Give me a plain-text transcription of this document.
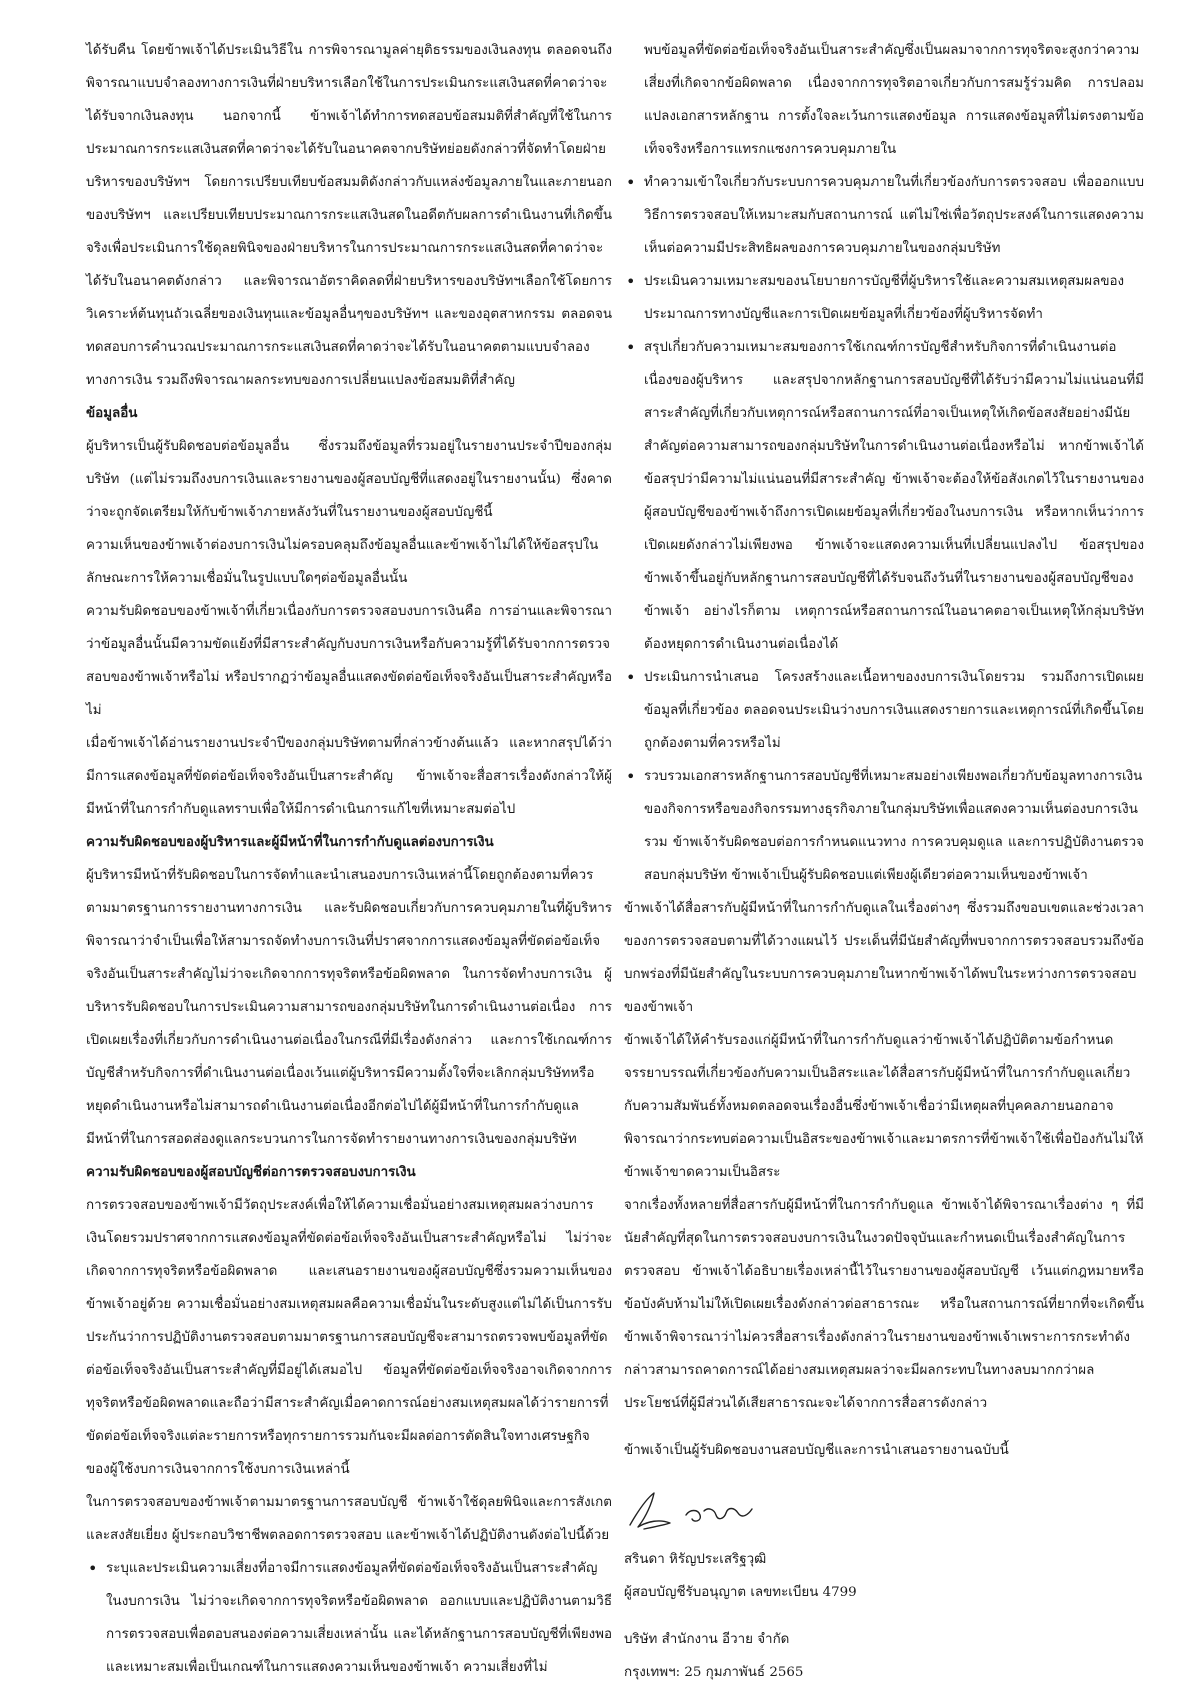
ได้รับคืน โดยข้าพเจ้าได้ประเมินวิธีใน การพิจารณามูลค่ายุติธรรมของเงินลงทุน ตลอดจนถึงพิจารณาแบบจำลองทางการเงินที่ฝ่ายบริหารเลือกใช้ในการประเมินกระแสเงินสดที่คาดว่าจะได้รับจากเงินลงทุน นอกจากนี้ ข้าพเจ้าได้ทำการทดสอบข้อสมมติที่สำคัญที่ใช้ในการประมาณการกระแสเงินสดที่คาดว่าจะได้รับในอนาคตจากบริษัทย่อยดังกล่าวที่จัดทำโดยฝ่ายบริหารของบริษัทฯ โดยการเปรียบเทียบข้อสมมติดังกล่าวกับแหล่งข้อมูลภายในและภายนอกของบริษัทฯ และเปรียบเทียบประมาณการกระแสเงินสดในอดีตกับผลการดำเนินงานที่เกิดขึ้นจริงเพื่อประเมินการใช้ดุลยพินิจของฝ่ายบริหารในการประมาณการกระแสเงินสดที่คาดว่าจะได้รับในอนาคตดังกล่าว และพิจารณาอัตราคิดลดที่ฝ่ายบริหารของบริษัทฯเลือกใช้โดยการวิเคราะห์ต้นทุนถัวเฉลี่ยของเงินทุนและข้อมูลอื่นๆของบริษัทฯ และของอุตสาหกรรม ตลอดจนทดสอบการคำนวณประมาณการกระแสเงินสดที่คาดว่าจะได้รับในอนาคตตามแบบจำลองทางการเงิน รวมถึงพิจารณาผลกระทบของการเปลี่ยนแปลงข้อสมมติที่สำคัญ

ข้อมูลอื่น

ผู้บริหารเป็นผู้รับผิดชอบต่อข้อมูลอื่น ซึ่งรวมถึงข้อมูลที่รวมอยู่ในรายงานประจำปีของกลุ่มบริษัท (แต่ไม่รวมถึงงบการเงินและรายงานของผู้สอบบัญชีที่แสดงอยู่ในรายงานนั้น) ซึ่งคาดว่าจะถูกจัดเตรียมให้กับข้าพเจ้าภายหลังวันที่ในรายงานของผู้สอบบัญชีนี้

ความเห็นของข้าพเจ้าต่องบการเงินไม่ครอบคลุมถึงข้อมูลอื่นและข้าพเจ้าไม่ได้ให้ข้อสรุปในลักษณะการให้ความเชื่อมั่นในรูปแบบใดๆต่อข้อมูลอื่นนั้น

ความรับผิดชอบของข้าพเจ้าที่เกี่ยวเนื่องกับการตรวจสอบงบการเงินคือ การอ่านและพิจารณาว่าข้อมูลอื่นนั้นมีความขัดแย้งที่มีสาระสำคัญกับงบการเงินหรือกับความรู้ที่ได้รับจากการตรวจสอบของข้าพเจ้าหรือไม่ หรือปรากฏว่าข้อมูลอื่นแสดงขัดต่อข้อเท็จจริงอันเป็นสาระสำคัญหรือไม่

เมื่อข้าพเจ้าได้อ่านรายงานประจำปีของกลุ่มบริษัทตามที่กล่าวข้างต้นแล้ว และหากสรุปได้ว่ามีการแสดงข้อมูลที่ขัดต่อข้อเท็จจริงอันเป็นสาระสำคัญ ข้าพเจ้าจะสื่อสารเรื่องดังกล่าวให้ผู้มีหน้าที่ในการกำกับดูแลทราบเพื่อให้มีการดำเนินการแก้ไขที่เหมาะสมต่อไป

ความรับผิดชอบของผู้บริหารและผู้มีหน้าที่ในการกำกับดูแลต่องบการเงิน

ผู้บริหารมีหน้าที่รับผิดชอบในการจัดทำและนำเสนองบการเงินเหล่านี้โดยถูกต้องตามที่ควรตามมาตรฐานการรายงานทางการเงิน และรับผิดชอบเกี่ยวกับการควบคุมภายในที่ผู้บริหารพิจารณาว่าจำเป็นเพื่อให้สามารถจัดทำงบการเงินที่ปราศจากการแสดงข้อมูลที่ขัดต่อข้อเท็จจริงอันเป็นสาระสำคัญไม่ว่าจะเกิดจากการทุจริตหรือข้อผิดพลาด ในการจัดทำงบการเงิน ผู้บริหารรับผิดชอบในการประเมินความสามารถของกลุ่มบริษัทในการดำเนินงานต่อเนื่อง การเปิดเผยเรื่องที่เกี่ยวกับการดำเนินงานต่อเนื่องในกรณีที่มีเรื่องดังกล่าว และการใช้เกณฑ์การบัญชีสำหรับกิจการที่ดำเนินงานต่อเนื่องเว้นแต่ผู้บริหารมีความตั้งใจที่จะเลิกกลุ่มบริษัทหรือหยุดดำเนินงานหรือไม่สามารถดำเนินงานต่อเนื่องอีกต่อไปได้ผู้มีหน้าที่ในการกำกับดูแลมีหน้าที่ในการสอดส่องดูแลกระบวนการในการจัดทำรายงานทางการเงินของกลุ่มบริษัท

ความรับผิดชอบของผู้สอบบัญชีต่อการตรวจสอบงบการเงิน

การตรวจสอบของข้าพเจ้ามีวัตถุประสงค์เพื่อให้ได้ความเชื่อมั่นอย่างสมเหตุสมผลว่างบการเงินโดยรวมปราศจากการแสดงข้อมูลที่ขัดต่อข้อเท็จจริงอันเป็นสาระสำคัญหรือไม่ ไม่ว่าจะเกิดจากการทุจริตหรือข้อผิดพลาด และเสนอรายงานของผู้สอบบัญชีซึ่งรวมความเห็นของข้าพเจ้าอยู่ด้วย ความเชื่อมั่นอย่างสมเหตุสมผลคือความเชื่อมั่นในระดับสูงแต่ไม่ได้เป็นการรับประกันว่าการปฏิบัติงานตรวจสอบตามมาตรฐานการสอบบัญชีจะสามารถตรวจพบข้อมูลที่ขัดต่อข้อเท็จจริงอันเป็นสาระสำคัญที่มีอยู่ได้เสมอไป ข้อมูลที่ขัดต่อข้อเท็จจริงอาจเกิดจากการทุจริตหรือข้อผิดพลาดและถือว่ามีสาระสำคัญเมื่อคาดการณ์อย่างสมเหตุสมผลได้ว่ารายการที่ขัดต่อข้อเท็จจริงแต่ละรายการหรือทุกรายการรวมกันจะมีผลต่อการตัดสินใจทางเศรษฐกิจของผู้ใช้งบการเงินจากการใช้งบการเงินเหล่านี้

ในการตรวจสอบของข้าพเจ้าตามมาตรฐานการสอบบัญชี ข้าพเจ้าใช้ดุลยพินิจและการสังเกตและสงสัยเยี่ยง ผู้ประกอบวิชาชีพตลอดการตรวจสอบ และข้าพเจ้าได้ปฏิบัติงานดังต่อไปนี้ด้วย

• ระบุและประเมินความเสี่ยงที่อาจมีการแสดงข้อมูลที่ขัดต่อข้อเท็จจริงอันเป็นสาระสำคัญในงบการเงิน ไม่ว่าจะเกิดจากการทุจริตหรือข้อผิดพลาด ออกแบบและปฏิบัติงานตามวิธีการตรวจสอบเพื่อตอบสนองต่อความเสี่ยงเหล่านั้น และได้หลักฐานการสอบบัญชีที่เพียงพอและเหมาะสมเพื่อเป็นเกณฑ์ในการแสดงความเห็นของข้าพเจ้า ความเสี่ยงที่ไม่

พบข้อมูลที่ขัดต่อข้อเท็จจริงอันเป็นสาระสำคัญซึ่งเป็นผลมาจากการทุจริตจะสูงกว่าความเสี่ยงที่เกิดจากข้อผิดพลาด เนื่องจากการทุจริตอาจเกี่ยวกับการสมรู้ร่วมคิด การปลอมแปลงเอกสารหลักฐาน การตั้งใจละเว้นการแสดงข้อมูล การแสดงข้อมูลที่ไม่ตรงตามข้อเท็จจริงหรือการแทรกแซงการควบคุมภายใน

• ทำความเข้าใจเกี่ยวกับระบบการควบคุมภายในที่เกี่ยวข้องกับการตรวจสอบ เพื่อออกแบบวิธีการตรวจสอบให้เหมาะสมกับสถานการณ์ แต่ไม่ใช่เพื่อวัตถุประสงค์ในการแสดงความเห็นต่อความมีประสิทธิผลของการควบคุมภายในของกลุ่มบริษัท
• ประเมินความเหมาะสมของนโยบายการบัญชีที่ผู้บริหารใช้และความสมเหตุสมผลของประมาณการทางบัญชีและการเปิดเผยข้อมูลที่เกี่ยวข้องที่ผู้บริหารจัดทำ
• สรุปเกี่ยวกับความเหมาะสมของการใช้เกณฑ์การบัญชีสำหรับกิจการที่ดำเนินงานต่อเนื่องของผู้บริหาร และสรุปจากหลักฐานการสอบบัญชีที่ได้รับว่ามีความไม่แน่นอนที่มีสาระสำคัญที่เกี่ยวกับเหตุการณ์หรือสถานการณ์ที่อาจเป็นเหตุให้เกิดข้อสงสัยอย่างมีนัยสำคัญต่อความสามารถของกลุ่มบริษัทในการดำเนินงานต่อเนื่องหรือไม่ หากข้าพเจ้าได้ข้อสรุปว่ามีความไม่แน่นอนที่มีสาระสำคัญ ข้าพเจ้าจะต้องให้ข้อสังเกตไว้ในรายงานของผู้สอบบัญชีของข้าพเจ้าถึงการเปิดเผยข้อมูลที่เกี่ยวข้องในงบการเงิน หรือหากเห็นว่าการเปิดเผยดังกล่าวไม่เพียงพอ ข้าพเจ้าจะแสดงความเห็นที่เปลี่ยนแปลงไป ข้อสรุปของข้าพเจ้าขึ้นอยู่กับหลักฐานการสอบบัญชีที่ได้รับจนถึงวันที่ในรายงานของผู้สอบบัญชีของข้าพเจ้า อย่างไรก็ตาม เหตุการณ์หรือสถานการณ์ในอนาคตอาจเป็นเหตุให้กลุ่มบริษัทต้องหยุดการดำเนินงานต่อเนื่องได้
• ประเมินการนำเสนอ โครงสร้างและเนื้อหาของงบการเงินโดยรวม รวมถึงการเปิดเผยข้อมูลที่เกี่ยวข้อง ตลอดจนประเมินว่างบการเงินแสดงรายการและเหตุการณ์ที่เกิดขึ้นโดยถูกต้องตามที่ควรหรือไม่
• รวบรวมเอกสารหลักฐานการสอบบัญชีที่เหมาะสมอย่างเพียงพอเกี่ยวกับข้อมูลทางการเงินของกิจการหรือของกิจกรรมทางธุรกิจภายในกลุ่มบริษัทเพื่อแสดงความเห็นต่องบการเงินรวม ข้าพเจ้ารับผิดชอบต่อการกำหนดแนวทาง การควบคุมดูแล และการปฏิบัติงานตรวจสอบกลุ่มบริษัท ข้าพเจ้าเป็นผู้รับผิดชอบแต่เพียงผู้เดียวต่อความเห็นของข้าพเจ้า

ข้าพเจ้าได้สื่อสารกับผู้มีหน้าที่ในการกำกับดูแลในเรื่องต่างๆ ซึ่งรวมถึงขอบเขตและช่วงเวลาของการตรวจสอบตามที่ได้วางแผนไว้ ประเด็นที่มีนัยสำคัญที่พบจากการตรวจสอบรวมถึงข้อบกพร่องที่มีนัยสำคัญในระบบการควบคุมภายในหากข้าพเจ้าได้พบในระหว่างการตรวจสอบของข้าพเจ้า

ข้าพเจ้าได้ให้คำรับรองแก่ผู้มีหน้าที่ในการกำกับดูแลว่าข้าพเจ้าได้ปฏิบัติตามข้อกำหนดจรรยาบรรณที่เกี่ยวข้องกับความเป็นอิสระและได้สื่อสารกับผู้มีหน้าที่ในการกำกับดูแลเกี่ยวกับความสัมพันธ์ทั้งหมดตลอดจนเรื่องอื่นซึ่งข้าพเจ้าเชื่อว่ามีเหตุผลที่บุคคลภายนอกอาจพิจารณาว่ากระทบต่อความเป็นอิสระของข้าพเจ้าและมาตรการที่ข้าพเจ้าใช้เพื่อป้องกันไม่ให้ข้าพเจ้าขาดความเป็นอิสระ

จากเรื่องทั้งหลายที่สื่อสารกับผู้มีหน้าที่ในการกำกับดูแล ข้าพเจ้าได้พิจารณาเรื่องต่าง ๆ ที่มีนัยสำคัญที่สุดในการตรวจสอบงบการเงินในงวดปัจจุบันและกำหนดเป็นเรื่องสำคัญในการตรวจสอบ ข้าพเจ้าได้อธิบายเรื่องเหล่านี้ไว้ในรายงานของผู้สอบบัญชี เว้นแต่กฎหมายหรือข้อบังคับห้ามไม่ให้เปิดเผยเรื่องดังกล่าวต่อสาธารณะ หรือในสถานการณ์ที่ยากที่จะเกิดขึ้น ข้าพเจ้าพิจารณาว่าไม่ควรสื่อสารเรื่องดังกล่าวในรายงานของข้าพเจ้าเพราะการกระทำดังกล่าวสามารถคาดการณ์ได้อย่างสมเหตุสมผลว่าจะมีผลกระทบในทางลบมากกว่าผลประโยชน์ที่ผู้มีส่วนได้เสียสาธารณะจะได้จากการสื่อสารดังกล่าว

ข้าพเจ้าเป็นผู้รับผิดชอบงานสอบบัญชีและการนำเสนอรายงานฉบับนี้

สรินดา หิรัญประเสริฐวุฒิ

ผู้สอบบัญชีรับอนุญาต เลขทะเบียน 4799

บริษัท สำนักงาน อีวาย จำกัด

กรุงเทพฯ: 25 กุมภาพันธ์ 2565
